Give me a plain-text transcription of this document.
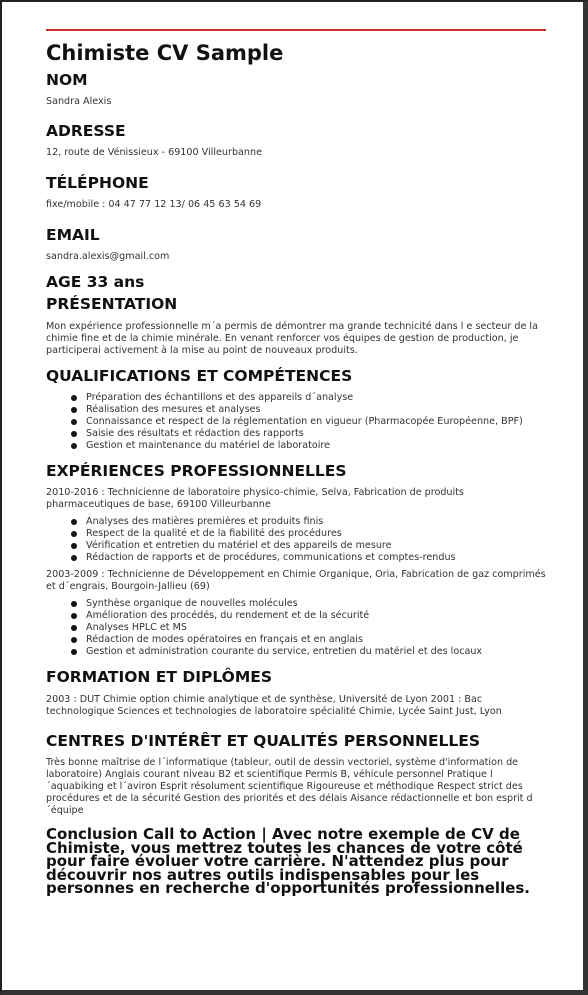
Chimiste CV Sample
NOM

Sandra Alexis

ADRESSE

12, route de Vénissieux - 69100 Villeurbanne

TÉLÉPHONE

fixe/mobile : 04 47 77 12 13/ 06 45 63 54 69

EMAIL

sandra.alexis@gmail.com

AGE 33 ans
PRÉSENTATION

Mon expérience professionnelle m´a permis de démontrer ma grande technicité dans l e secteur de la chimie fine et de la chimie minérale. En venant renforcer vos équipes de gestion de production, je participerai activement à la mise au point de nouveaux produits.

QUALIFICATIONS ET COMPÉTENCES
Préparation des échantillons et des appareils d´analyse
Réalisation des mesures et analyses
Connaissance et respect de la réglementation en vigueur (Pharmacopée Européenne, BPF)
Saisie des résultats et rédaction des rapports
Gestion et maintenance du matériel de laboratoire
EXPÉRIENCES PROFESSIONNELLES

2010-2016 : Technicienne de laboratoire physico-chimie, Selva, Fabrication de produits pharmaceutiques de base, 69100 Villeurbanne

Analyses des matières premières et produits finis
Respect de la qualité et de la fiabilité des procédures
Vérification et entretien du matériel et des appareils de mesure
Rédaction de rapports et de procédures, communications et comptes-rendus

2003-2009 : Technicienne de Développement en Chimie Organique, Oria, Fabrication de gaz comprimés et d´engrais, Bourgoin-Jallieu (69)

Synthèse organique de nouvelles molécules
Amélioration des procédés, du rendement et de la sécurité
Analyses HPLC et MS
Rédaction de modes opératoires en français et en anglais
Gestion et administration courante du service, entretien du matériel et des locaux
FORMATION ET DIPLÔMES

2003 : DUT Chimie option chimie analytique et de synthèse, Université de Lyon 2001 : Bac technologique Sciences et technologies de laboratoire spécialité Chimie, Lycée Saint Just, Lyon

CENTRES D'INTÉRÊT ET QUALITÉS PERSONNELLES

Très bonne maîtrise de l´informatique (tableur, outil de dessin vectoriel, système d'information de laboratoire) Anglais courant niveau B2 et scientifique Permis B, véhicule personnel Pratique l´aquabiking et l´aviron Esprit résolument scientifique Rigoureuse et méthodique Respect strict des procédures et de la sécurité Gestion des priorités et des délais Aisance rédactionnelle et bon esprit d´équipe

Conclusion Call to Action | Avec notre exemple de CV de Chimiste, vous mettrez toutes les chances de votre côté pour faire évoluer votre carrière. N'attendez plus pour découvrir nos autres outils indispensables pour les personnes en recherche d'opportunités professionnelles.
